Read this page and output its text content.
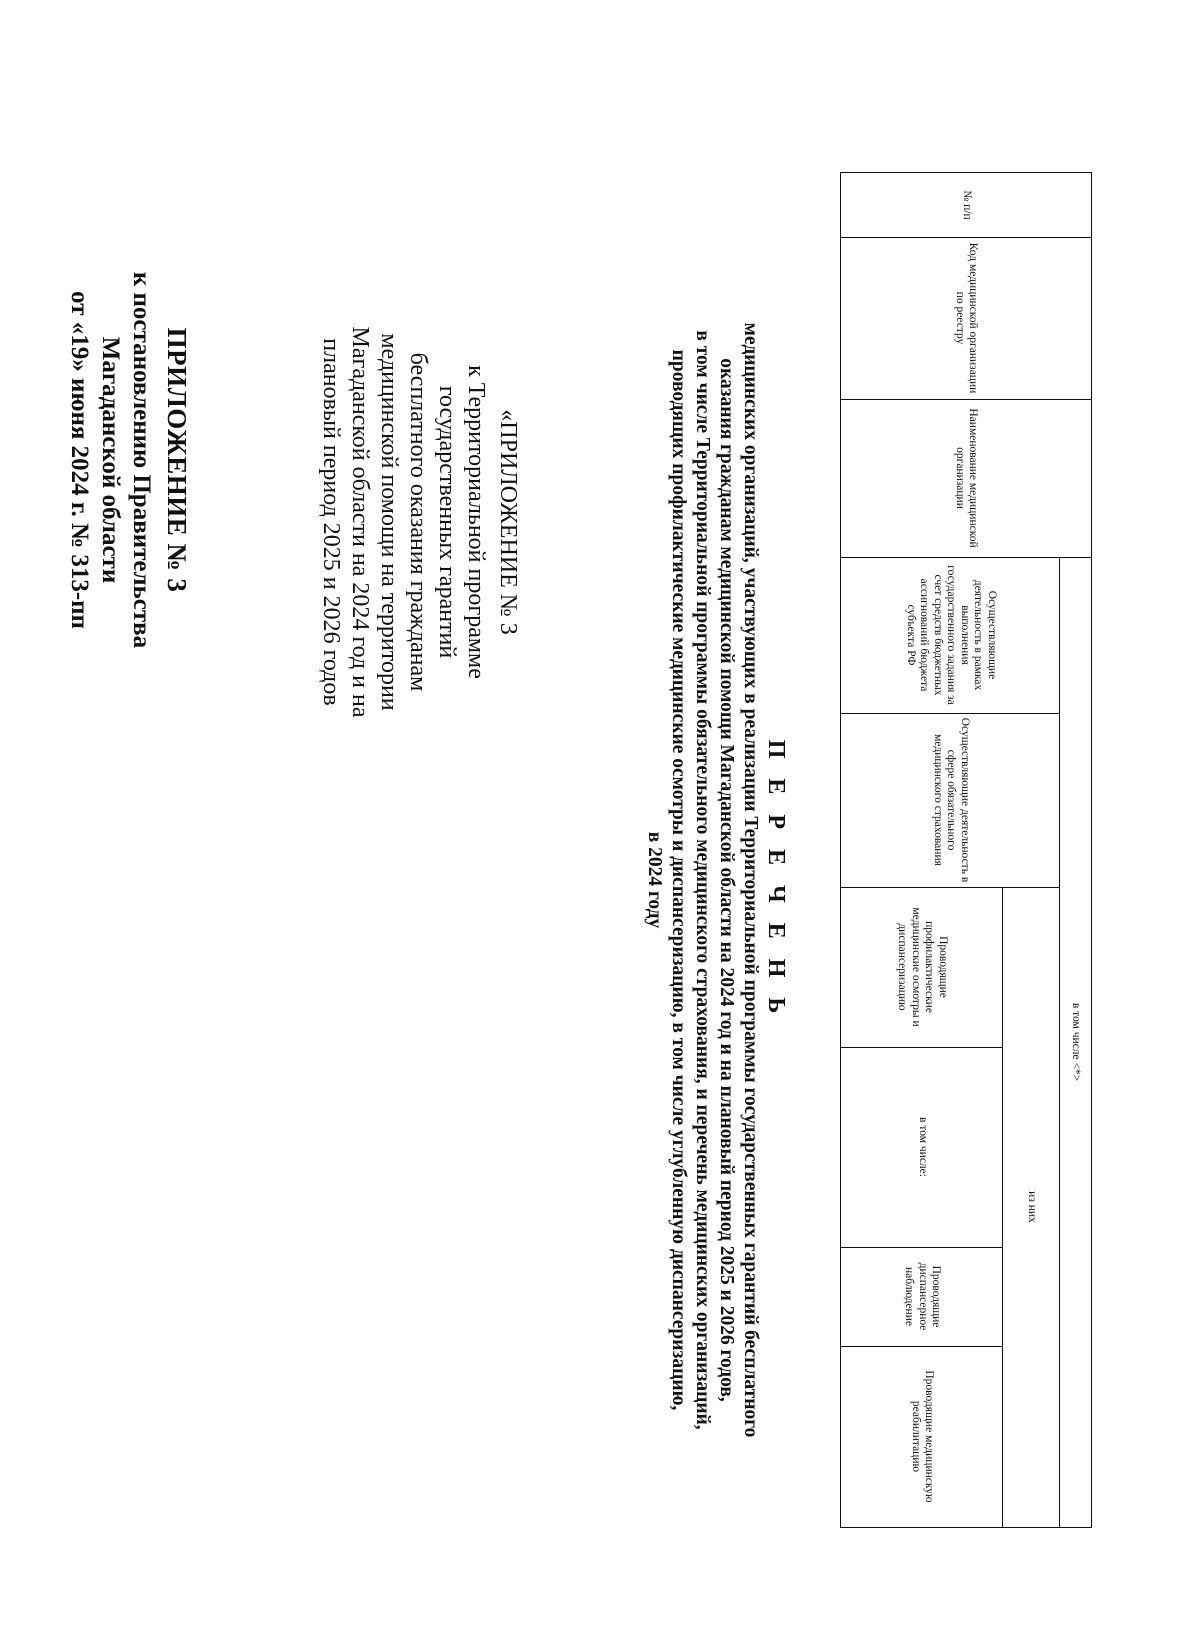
ПРИЛОЖЕНИЕ № 3
к постановлению Правительства
Магаданской области
от «19» июня 2024 г. № 313-пп	«ПРИЛОЖЕНИЕ № 3
к Территориальной программе
государственных гарантий
бесплатного оказания гражданам
медицинской помощи на территории
Магаданской области на 2024 год и на
плановый период 2025 и 2026 годов
П Е Р Е Ч Е Н Ь
медицинских организаций, участвующих в реализации Территориальной программы государственных гарантий бесплатного
оказания гражданам медицинской помощи Магаданской области на 2024 год и на плановый период 2025 и 2026 годов,
в том числе Территориальной программы обязательного медицинского страхования, и перечень медицинских организаций,
проводящих профилактические медицинские осмотры и диспансеризацию, в том числе углубленную диспансеризацию,
в 2024 году
№ п/п
Код медицинской организации по реестру
Наименование медицинской организации
в том числе <*>
Осуществляющие деятельность в рамках выполнения государственного задания за счет средств бюджетных ассигнований бюджета субъекта РФ
Осуществляющие деятельность в сфере обязательного медицинского страхования
из них
Проводящие профилактические медицинские осмотры и диспансеризацию
в том числе:
Проводящие диспансерное наблюдение
Проводящие медицинскую реабилитацию
